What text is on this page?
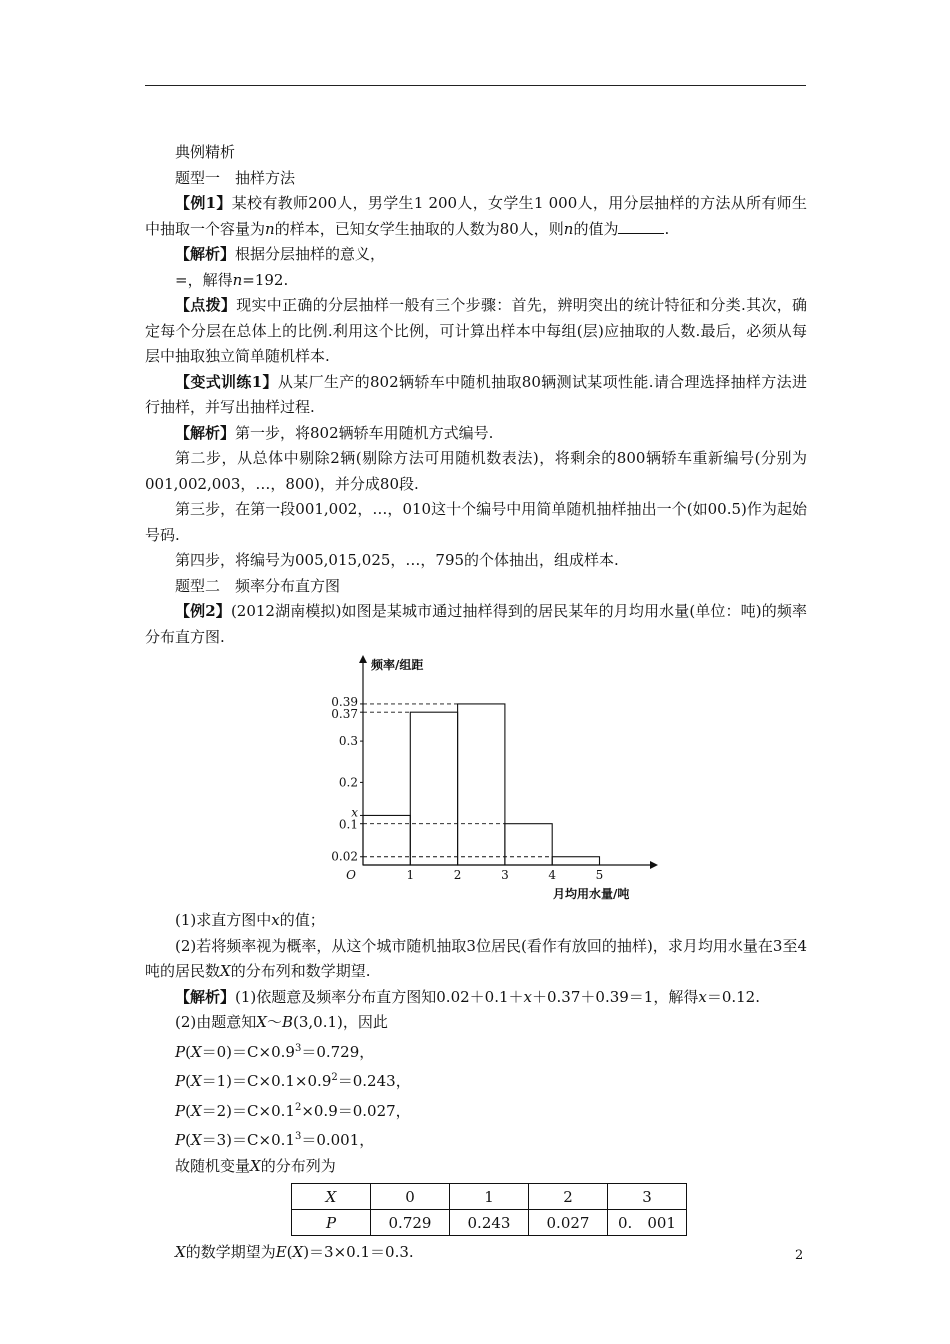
典例精析

题型一　抽样方法

【例1】某校有教师200人，男学生1 200人，女学生1 000人，用分层抽样的方法从所有师生中抽取一个容量为n的样本，已知女学生抽取的人数为80人，则n的值为	.

【解析】根据分层抽样的意义，

=，解得n=192.

【点拨】现实中正确的分层抽样一般有三个步骤：首先，辨明突出的统计特征和分类.其次，确定每个分层在总体上的比例.利用这个比例，可计算出样本中每组(层)应抽取的人数.最后，必须从每层中抽取独立简单随机样本.

【变式训练1】从某厂生产的802辆轿车中随机抽取80辆测试某项性能.请合理选择抽样方法进行抽样，并写出抽样过程.

【解析】第一步，将802辆轿车用随机方式编号.

第二步，从总体中剔除2辆(剔除方法可用随机数表法)，将剩余的800辆轿车重新编号(分别为001,002,003，…，800)，并分成80段.

第三步，在第一段001,002，…，010这十个编号中用简单随机抽样抽出一个(如00.5)作为起始号码.

第四步，将编号为005,015,025，…，795的个体抽出，组成样本.

题型二　频率分布直方图

【例2】(2012湖南模拟)如图是某城市通过抽样得到的居民某年的月均用水量(单位：吨)的频率分布直方图.

0.02
x
0.1
0.2
0.3
0.37
0.39
1	2	3	4	5
O
频率/组距
月均用水量/吨

(1)求直方图中x的值；

(2)若将频率视为概率，从这个城市随机抽取3位居民(看作有放回的抽样)，求月均用水量在3至4吨的居民数X的分布列和数学期望.

【解析】(1)依题意及频率分布直方图知0.02＋0.1＋x＋0.37＋0.39＝1，解得x＝0.12.

(2)由题意知X～B(3,0.1)，因此

$P(X=0)=C\times 0.9^3=0.729$，

$P(X=1)=C\times 0.1\times 0.9^2=0.243$，

$P(X=2)=C\times 0.1^2\times 0.9=0.027$，

$P(X=3)=C\times 0.1^3=0.001$，

故随机变量X的分布列为

X	0	1	2	3
P	0.729	0.243	0.027	0.　001

X的数学期望为E(X)＝3×0.1＝0.3.	2
